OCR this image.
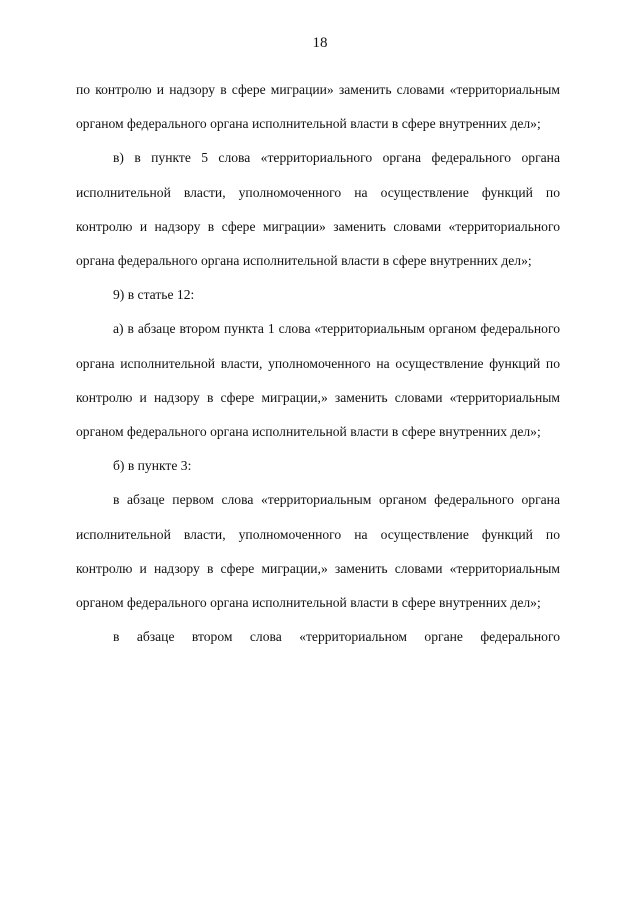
18

по контролю и надзору в сфере миграции» заменить словами «территориальным органом федерального органа исполнительной власти в сфере внутренних дел»;

в) в пункте 5 слова «территориального органа федерального органа исполнительной власти, уполномоченного на осуществление функций по контролю и надзору в сфере миграции» заменить словами «территориального органа федерального органа исполнительной власти в сфере внутренних дел»;

9) в статье 12:

а) в абзаце втором пункта 1 слова «территориальным органом федерального органа исполнительной власти, уполномоченного на осуществление функций по контролю и надзору в сфере миграции,» заменить словами «территориальным органом федерального органа исполнительной власти в сфере внутренних дел»;

б) в пункте 3:

в абзаце первом слова «территориальным органом федерального органа исполнительной власти, уполномоченного на осуществление функций по контролю и надзору в сфере миграции,» заменить словами «территориальным органом федерального органа исполнительной власти в сфере внутренних дел»;

в абзаце втором слова «территориальном органе федерального
